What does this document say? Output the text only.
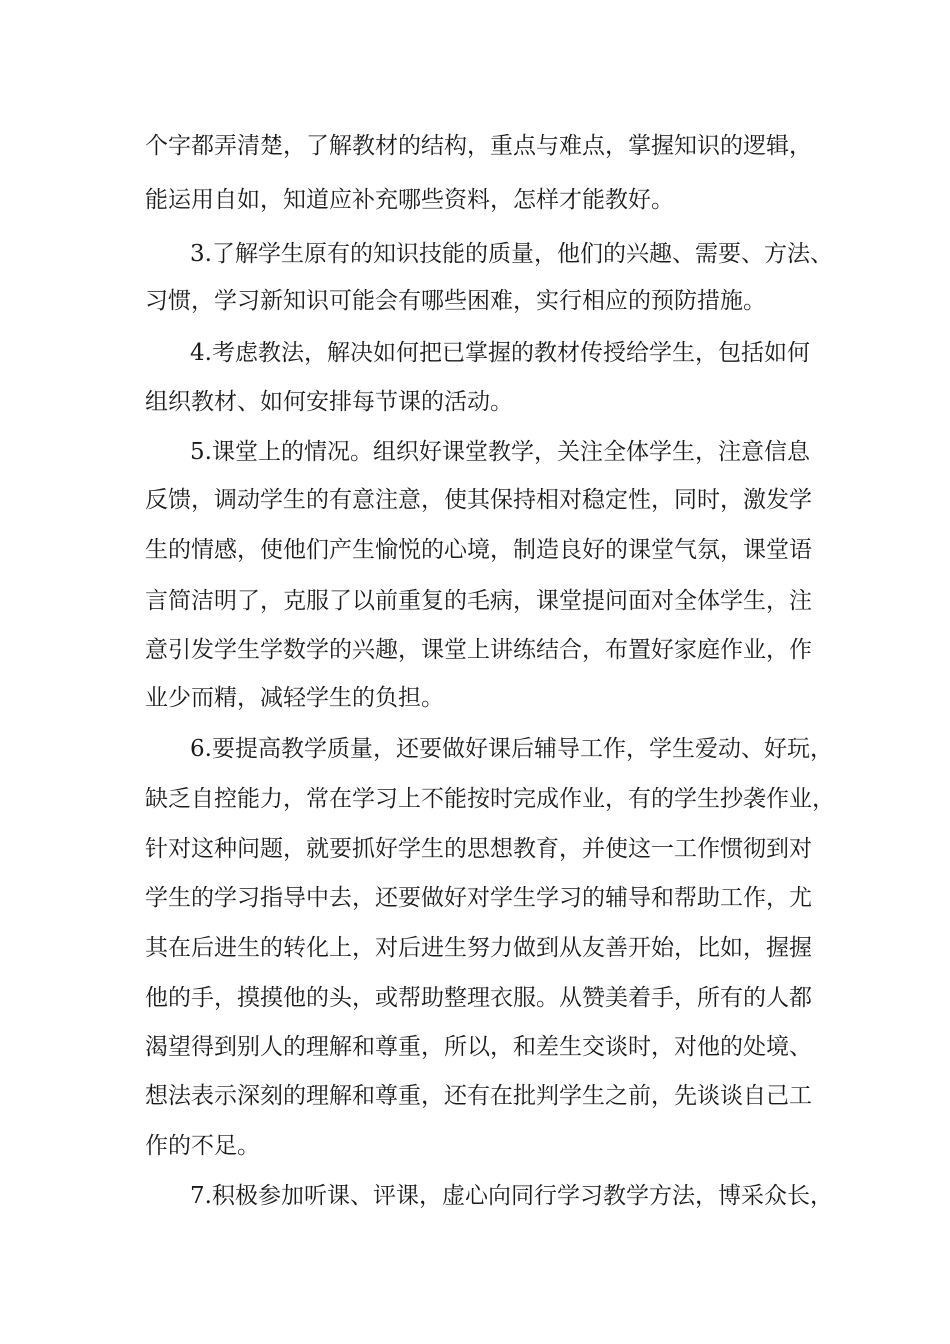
个字都弄清楚，了解教材的结构，重点与难点，掌握知识的逻辑，
能运用自如，知道应补充哪些资料，怎样才能教好。
3.了解学生原有的知识技能的质量，他们的兴趣、需要、方法、
习惯，学习新知识可能会有哪些困难，实行相应的预防措施。
4.考虑教法，解决如何把已掌握的教材传授给学生，包括如何
组织教材、如何安排每节课的活动。
5.课堂上的情况。组织好课堂教学，关注全体学生，注意信息
反馈，调动学生的有意注意，使其保持相对稳定性，同时，激发学
生的情感，使他们产生愉悦的心境，制造良好的课堂气氛，课堂语
言简洁明了，克服了以前重复的毛病，课堂提问面对全体学生，注
意引发学生学数学的兴趣，课堂上讲练结合，布置好家庭作业，作
业少而精，减轻学生的负担。
6.要提高教学质量，还要做好课后辅导工作，学生爱动、好玩，
缺乏自控能力，常在学习上不能按时完成作业，有的学生抄袭作业，
针对这种问题，就要抓好学生的思想教育，并使这一工作惯彻到对
学生的学习指导中去，还要做好对学生学习的辅导和帮助工作，尤
其在后进生的转化上，对后进生努力做到从友善开始，比如，握握
他的手，摸摸他的头，或帮助整理衣服。从赞美着手，所有的人都
渴望得到别人的理解和尊重，所以，和差生交谈时，对他的处境、
想法表示深刻的理解和尊重，还有在批判学生之前，先谈谈自己工
作的不足。
7.积极参加听课、评课，虚心向同行学习教学方法，博采众长，
